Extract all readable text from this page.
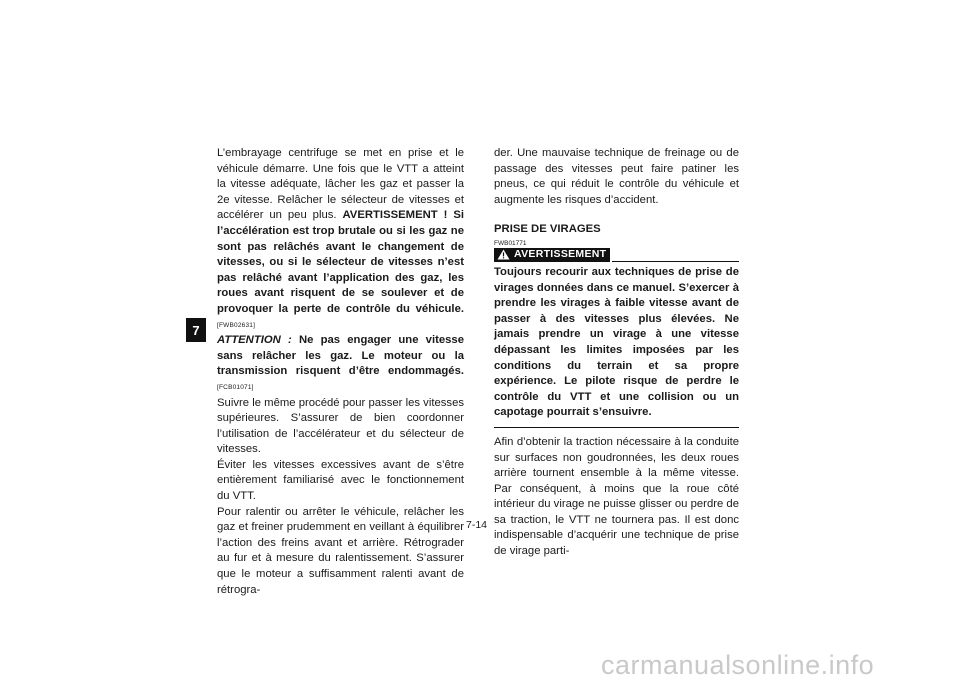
7

L’embrayage centrifuge se met en prise et le véhicule démarre. Une fois que le VTT a atteint la vitesse adéquate, lâcher les gaz et passer la 2e vitesse. Relâcher le sélecteur de vitesses et accélérer un peu plus. AVERTISSEMENT ! Si l’accélération est trop brutale ou si les gaz ne sont pas relâchés avant le changement de vitesses, ou si le sélecteur de vitesses n’est pas relâché avant l’application des gaz, les roues avant risquent de se soulever et de provoquer la perte de contrôle du véhicule. [FWB02631]
ATTENTION : Ne pas engager une vitesse sans relâcher les gaz. Le moteur ou la transmission risquent d’être endommagés. [FCB01071]

Suivre le même procédé pour passer les vitesses supérieures. S’assurer de bien coordonner l’utilisation de l’accélérateur et du sélecteur de vitesses.

Éviter les vitesses excessives avant de s’être entièrement familiarisé avec le fonctionnement du VTT.

Pour ralentir ou arrêter le véhicule, relâcher les gaz et freiner prudemment en veillant à équilibrer l’action des freins avant et arrière. Rétrograder au fur et à mesure du ralentissement. S’assurer que le moteur a suffisamment ralenti avant de rétrogra-

der. Une mauvaise technique de freinage ou de passage des vitesses peut faire patiner les pneus, ce qui réduit le contrôle du véhicule et augmente les risques d’accident.

PRISE DE VIRAGES

FWB01771

AVERTISSEMENT

Toujours recourir aux techniques de prise de virages données dans ce manuel. S’exercer à prendre les virages à faible vitesse avant de passer à des vitesses plus élevées. Ne jamais prendre un virage à une vitesse dépassant les limites imposées par les conditions du terrain et sa propre expérience. Le pilote risque de perdre le contrôle du VTT et une collision ou un capotage pourrait s’ensuivre.

Afin d’obtenir la traction nécessaire à la conduite sur surfaces non goudronnées, les deux roues arrière tournent ensemble à la même vitesse. Par conséquent, à moins que la roue côté intérieur du virage ne puisse glisser ou perdre de sa traction, le VTT ne tournera pas. Il est donc indispensable d’acquérir une technique de prise de virage parti-

7-14
carmanualsonline.info
